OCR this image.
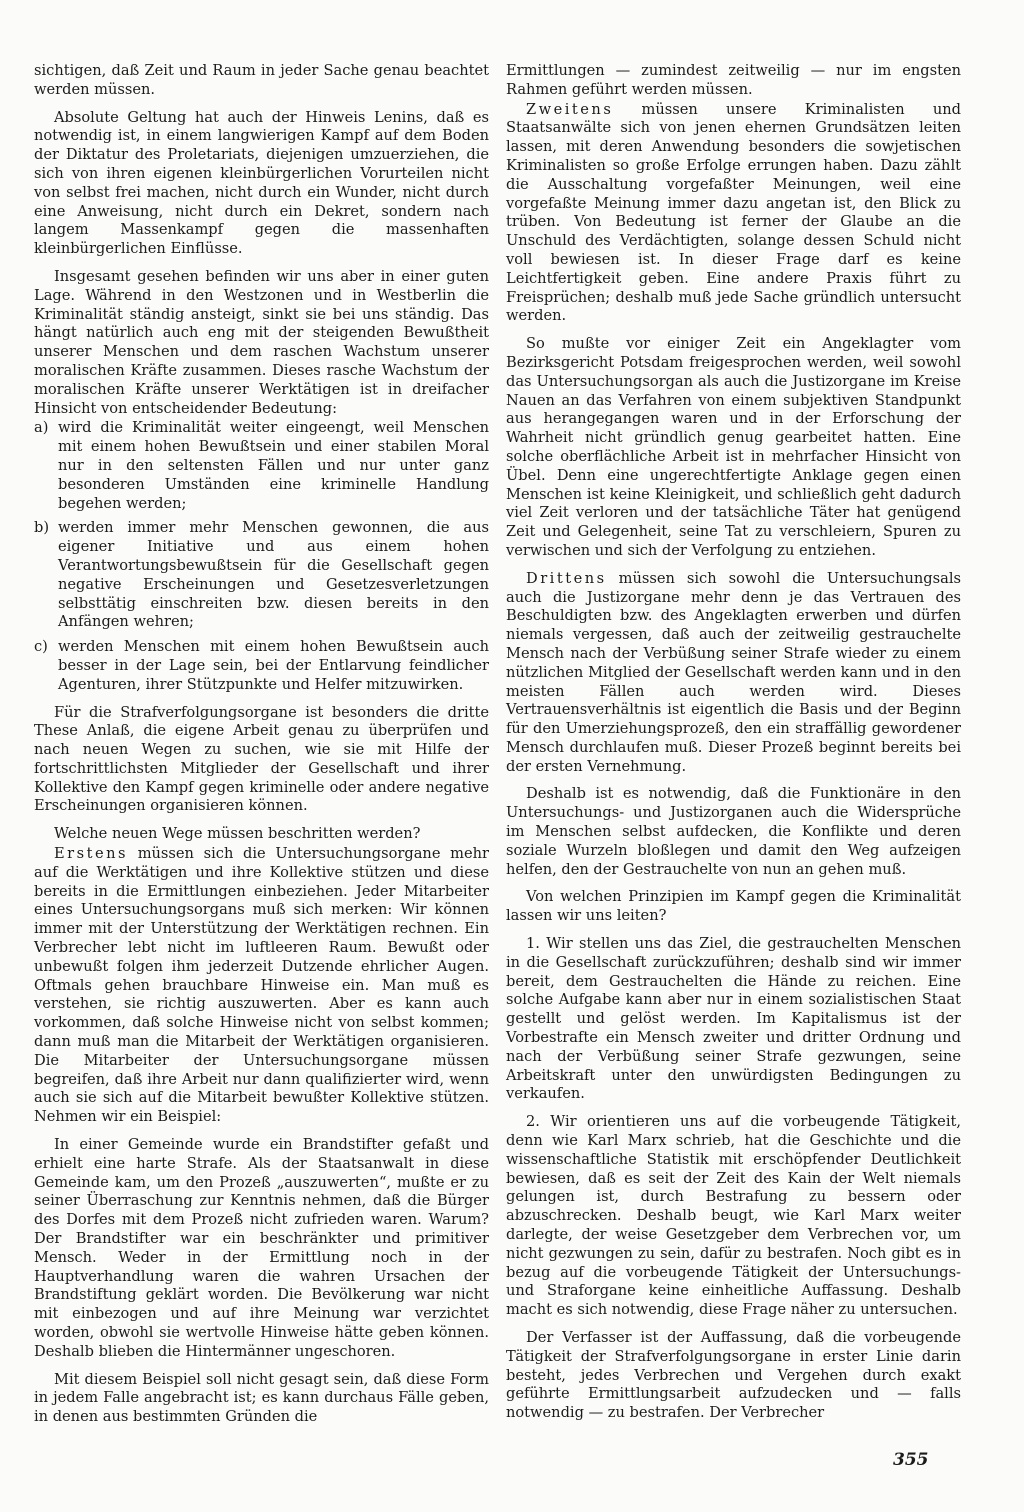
sichtigen, daß Zeit und Raum in jeder Sache genau beachtet werden müssen.

Absolute Geltung hat auch der Hinweis Lenins, daß es notwendig ist, in einem langwierigen Kampf auf dem Boden der Diktatur des Proletariats, diejenigen umzuerziehen, die sich von ihren eigenen kleinbürgerlichen Vorurteilen nicht von selbst frei machen, nicht durch ein Wunder, nicht durch eine Anweisung, nicht durch ein Dekret, sondern nach langem Massenkampf gegen die massenhaften kleinbürgerlichen Einflüsse.

Insgesamt gesehen befinden wir uns aber in einer guten Lage. Während in den Westzonen und in Westberlin die Kriminalität ständig ansteigt, sinkt sie bei uns ständig. Das hängt natürlich auch eng mit der steigenden Bewußtheit unserer Menschen und dem raschen Wachstum unserer moralischen Kräfte zusammen. Dieses rasche Wachstum der moralischen Kräfte unserer Werktätigen ist in dreifacher Hinsicht von entscheidender Bedeutung:

a) wird die Kriminalität weiter eingeengt, weil Menschen mit einem hohen Bewußtsein und einer stabilen Moral nur in den seltensten Fällen und nur unter ganz besonderen Umständen eine kriminelle Handlung begehen werden;
b) werden immer mehr Menschen gewonnen, die aus eigener Initiative und aus einem hohen Verantwortungsbewußtsein für die Gesellschaft gegen negative Erscheinungen und Gesetzesverletzungen selbsttätig einschreiten bzw. diesen bereits in den Anfängen wehren;
c) werden Menschen mit einem hohen Bewußtsein auch besser in der Lage sein, bei der Entlarvung feindlicher Agenturen, ihrer Stützpunkte und Helfer mitzuwirken.

Für die Strafverfolgungsorgane ist besonders die dritte These Anlaß, die eigene Arbeit genau zu überprüfen und nach neuen Wegen zu suchen, wie sie mit Hilfe der fortschrittlichsten Mitglieder der Gesellschaft und ihrer Kollektive den Kampf gegen kriminelle oder andere negative Erscheinungen organisieren können.

Welche neuen Wege müssen beschritten werden?

Erstens müssen sich die Untersuchungsorgane mehr auf die Werktätigen und ihre Kollektive stützen und diese bereits in die Ermittlungen einbeziehen. Jeder Mitarbeiter eines Untersuchungsorgans muß sich merken: Wir können immer mit der Unterstützung der Werktätigen rechnen. Ein Verbrecher lebt nicht im luftleeren Raum. Bewußt oder unbewußt folgen ihm jederzeit Dutzende ehrlicher Augen. Oftmals gehen brauchbare Hinweise ein. Man muß es verstehen, sie richtig auszuwerten. Aber es kann auch vorkommen, daß solche Hinweise nicht von selbst kommen; dann muß man die Mitarbeit der Werktätigen organisieren. Die Mitarbeiter der Untersuchungsorgane müssen begreifen, daß ihre Arbeit nur dann qualifizierter wird, wenn auch sie sich auf die Mitarbeit bewußter Kollektive stützen. Nehmen wir ein Beispiel:

In einer Gemeinde wurde ein Brandstifter gefaßt und erhielt eine harte Strafe. Als der Staatsanwalt in diese Gemeinde kam, um den Prozeß „auszuwerten“, mußte er zu seiner Überraschung zur Kenntnis nehmen, daß die Bürger des Dorfes mit dem Prozeß nicht zufrieden waren. Warum? Der Brandstifter war ein beschränkter und primitiver Mensch. Weder in der Ermittlung noch in der Hauptverhandlung waren die wahren Ursachen der Brandstiftung geklärt worden. Die Bevölkerung war nicht mit einbezogen und auf ihre Meinung war verzichtet worden, obwohl sie wertvolle Hinweise hätte geben können. Deshalb blieben die Hintermänner ungeschoren.

Mit diesem Beispiel soll nicht gesagt sein, daß diese Form in jedem Falle angebracht ist; es kann durchaus Fälle geben, in denen aus bestimmten Gründen die

Ermittlungen — zumindest zeitweilig — nur im engsten Rahmen geführt werden müssen.

Zweitens müssen unsere Kriminalisten und Staatsanwälte sich von jenen ehernen Grundsätzen leiten lassen, mit deren Anwendung besonders die sowjetischen Kriminalisten so große Erfolge errungen haben. Dazu zählt die Ausschaltung vorgefaßter Meinungen, weil eine vorgefaßte Meinung immer dazu angetan ist, den Blick zu trüben. Von Bedeutung ist ferner der Glaube an die Unschuld des Verdächtigten, solange dessen Schuld nicht voll bewiesen ist. In dieser Frage darf es keine Leichtfertigkeit geben. Eine andere Praxis führt zu Freisprüchen; deshalb muß jede Sache gründlich untersucht werden.

So mußte vor einiger Zeit ein Angeklagter vom Bezirksgericht Potsdam freigesprochen werden, weil sowohl das Untersuchungsorgan als auch die Justizorgane im Kreise Nauen an das Verfahren von einem subjektiven Standpunkt aus herangegangen waren und in der Erforschung der Wahrheit nicht gründlich genug gearbeitet hatten. Eine solche oberflächliche Arbeit ist in mehrfacher Hinsicht von Übel. Denn eine ungerechtfertigte Anklage gegen einen Menschen ist keine Kleinigkeit, und schließlich geht dadurch viel Zeit verloren und der tatsächliche Täter hat genügend Zeit und Gelegenheit, seine Tat zu verschleiern, Spuren zu verwischen und sich der Verfolgung zu entziehen.

Drittens müssen sich sowohl die Untersuchungsals auch die Justizorgane mehr denn je das Vertrauen des Beschuldigten bzw. des Angeklagten erwerben und dürfen niemals vergessen, daß auch der zeitweilig gestrauchelte Mensch nach der Verbüßung seiner Strafe wieder zu einem nützlichen Mitglied der Gesellschaft werden kann und in den meisten Fällen auch werden wird. Dieses Vertrauensverhältnis ist eigentlich die Basis und der Beginn für den Umerziehungsprozeß, den ein straffällig gewordener Mensch durchlaufen muß. Dieser Prozeß beginnt bereits bei der ersten Vernehmung.

Deshalb ist es notwendig, daß die Funktionäre in den Untersuchungs- und Justizorganen auch die Widersprüche im Menschen selbst aufdecken, die Konflikte und deren soziale Wurzeln bloßlegen und damit den Weg aufzeigen helfen, den der Gestrauchelte von nun an gehen muß.

Von welchen Prinzipien im Kampf gegen die Kriminalität lassen wir uns leiten?

1. Wir stellen uns das Ziel, die gestrauchelten Menschen in die Gesellschaft zurückzuführen; deshalb sind wir immer bereit, dem Gestrauchelten die Hände zu reichen. Eine solche Aufgabe kann aber nur in einem sozialistischen Staat gestellt und gelöst werden. Im Kapitalismus ist der Vorbestrafte ein Mensch zweiter und dritter Ordnung und nach der Verbüßung seiner Strafe gezwungen, seine Arbeitskraft unter den unwürdigsten Bedingungen zu verkaufen.

2. Wir orientieren uns auf die vorbeugende Tätigkeit, denn wie Karl Marx schrieb, hat die Geschichte und die wissenschaftliche Statistik mit erschöpfender Deutlichkeit bewiesen, daß es seit der Zeit des Kain der Welt niemals gelungen ist, durch Bestrafung zu bessern oder abzuschrecken. Deshalb beugt, wie Karl Marx weiter darlegte, der weise Gesetzgeber dem Verbrechen vor, um nicht gezwungen zu sein, dafür zu bestrafen. Noch gibt es in bezug auf die vorbeugende Tätigkeit der Untersuchungs- und Straforgane keine einheitliche Auffassung. Deshalb macht es sich notwendig, diese Frage näher zu untersuchen.

Der Verfasser ist der Auffassung, daß die vorbeugende Tätigkeit der Strafverfolgungsorgane in erster Linie darin besteht, jedes Verbrechen und Vergehen durch exakt geführte Ermittlungsarbeit aufzudecken und — falls notwendig — zu bestrafen. Der Verbrecher

355
